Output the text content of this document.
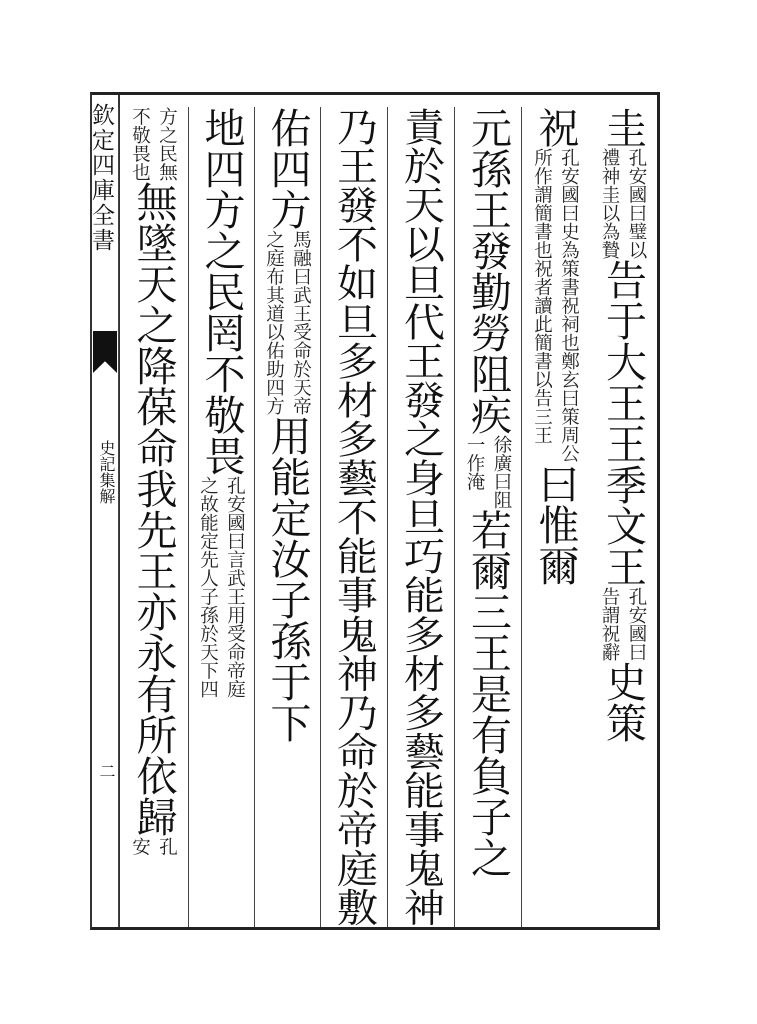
欽定四庫全書
史記集解
二
圭
孔安國曰璧以
禮神圭以為贄
告于大王王季文王
孔安國曰
告謂祝辭
史策
祝
孔安國曰史為策書祝祠也鄭玄曰策周公
所作謂簡書也祝者讀此簡書以告三王
曰惟爾
元孫王發勤勞阻疾
徐廣曰阻
一作淹
若爾三王是有負子之
責於天以旦代王發之身旦巧能多材多藝能事鬼神
乃王發不如旦多材多藝不能事鬼神乃命於帝庭敷
佑四方
馬融曰武王受命於天帝
之庭布其道以佑助四方
用能定汝子孫于下
地四方之民罔不敬畏
孔安國曰言武王用受命帝庭
之故能定先人子孫於天下四
方之民無
不敬畏也
無墜天之降葆命我先王亦永有所依歸
孔
安
